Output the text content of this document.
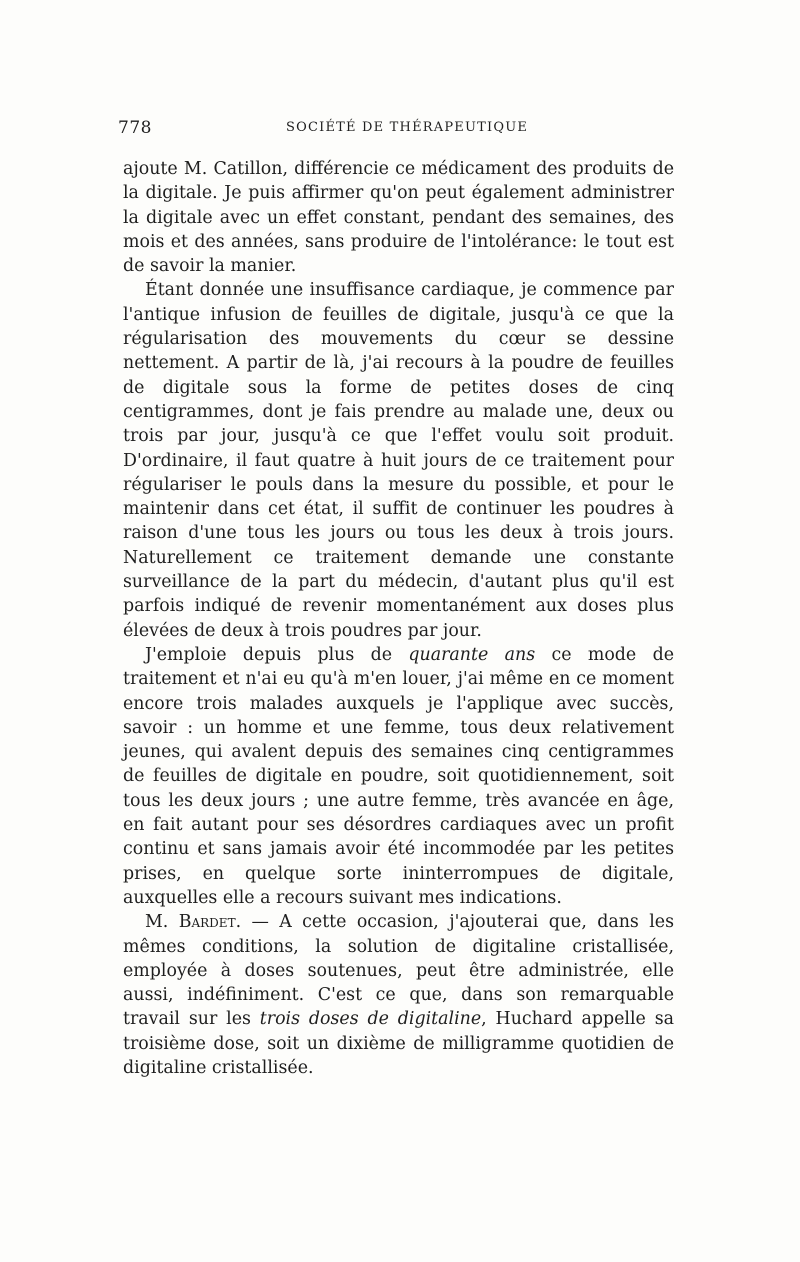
778	SOCIÉTÉ DE THÉRAPEUTIQUE

ajoute M. Catillon, différencie ce médicament des produits de la digitale. Je puis affirmer qu'on peut également administrer la digitale avec un effet constant, pendant des semaines, des mois et des années, sans produire de l'intolérance: le tout est de savoir la manier.

Étant donnée une insuffisance cardiaque, je commence par l'antique infusion de feuilles de digitale, jusqu'à ce que la régularisation des mouvements du cœur se dessine nettement. A partir de là, j'ai recours à la poudre de feuilles de digitale sous la forme de petites doses de cinq centigrammes, dont je fais prendre au malade une, deux ou trois par jour, jusqu'à ce que l'effet voulu soit produit. D'ordinaire, il faut quatre à huit jours de ce traitement pour régulariser le pouls dans la mesure du possible, et pour le maintenir dans cet état, il suffit de continuer les poudres à raison d'une tous les jours ou tous les deux à trois jours. Naturellement ce traitement demande une constante surveillance de la part du médecin, d'autant plus qu'il est parfois indiqué de revenir momentanément aux doses plus élevées de deux à trois poudres par jour.

J'emploie depuis plus de quarante ans ce mode de traitement et n'ai eu qu'à m'en louer, j'ai même en ce moment encore trois malades auxquels je l'applique avec succès, savoir : un homme et une femme, tous deux relativement jeunes, qui avalent depuis des semaines cinq centigrammes de feuilles de digitale en poudre, soit quotidiennement, soit tous les deux jours ; une autre femme, très avancée en âge, en fait autant pour ses désordres cardiaques avec un profit continu et sans jamais avoir été incommodée par les petites prises, en quelque sorte ininterrompues de digitale, auxquelles elle a recours suivant mes indications.

M. Bardet. — A cette occasion, j'ajouterai que, dans les mêmes conditions, la solution de digitaline cristallisée, employée à doses soutenues, peut être administrée, elle aussi, indéfiniment. C'est ce que, dans son remarquable travail sur les trois doses de digitaline, Huchard appelle sa troisième dose, soit un dixième de milligramme quotidien de digitaline cristallisée.
